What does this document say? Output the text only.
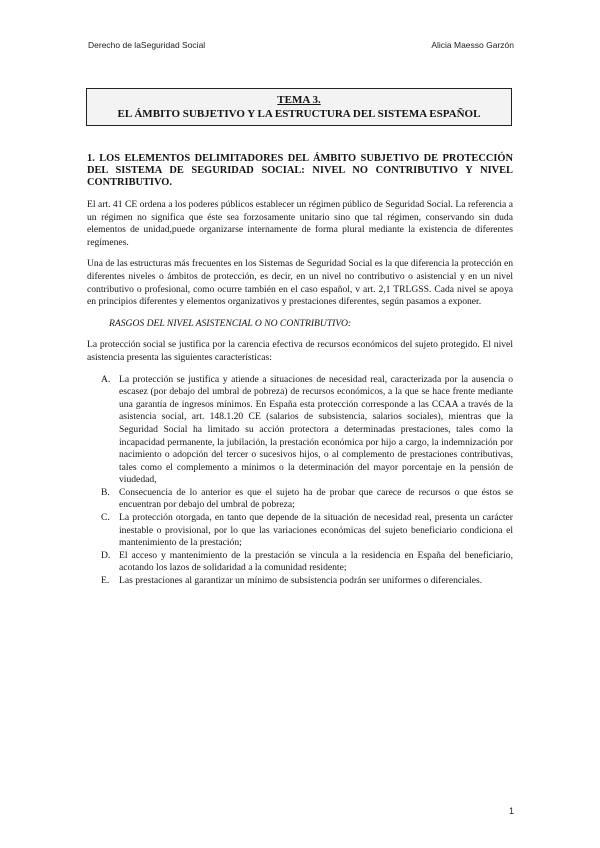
Derecho de laSeguridad Social	Alicia Maesso Garzón
TEMA 3.
EL ÁMBITO SUBJETIVO Y LA ESTRUCTURA DEL SISTEMA ESPAÑOL
1. LOS ELEMENTOS DELIMITADORES DEL ÁMBITO SUBJETIVO DE PROTECCIÓN DEL SISTEMA DE SEGURIDAD SOCIAL: NIVEL NO CONTRIBUTIVO Y NIVEL CONTRIBUTIVO.

El art. 41 CE ordena a los poderes públicos establecer un régimen público de Seguridad Social. La referencia a un régimen no significa que éste sea forzosamente unitario sino que tal régimen, conservando sin duda elementos de unidad,puede organizarse internamente de forma plural mediante la existencia de diferentes regímenes.

Una de las estructuras más frecuentes en los Sistemas de Seguridad Social es la que diferencia la protección en diferentes niveles o ámbitos de protección, es decir, en un nivel no contributivo o asistencial y en un nivel contributivo o profesional, como ocurre también en el caso español, v art. 2,1 TRLGSS. Cada nivel se apoya en principios diferentes y elementos organizativos y prestaciones diferentes, según pasamos a exponer.

RASGOS DEL NIVEL ASISTENCIAL O NO CONTRIBUTIVO:

La protección social se justifica por la carencia efectiva de recursos económicos del sujeto protegido. El nivel asistencia presenta las siguientes características:

A. La protección se justifica y atiende a situaciones de necesidad real, caracterizada por la ausencia o escasez (por debajo del umbral de pobreza) de recursos económicos, a la que se hace frente mediante una garantía de ingresos mínimos. En España esta protección corresponde a las CCAA a través de la asistencia social, art. 148.1.20 CE (salarios de subsistencia, salarios sociales), mientras que la Seguridad Social ha limitado su acción protectora a determinadas prestaciones, tales como la incapacidad permanente, la jubilación, la prestación económica por hijo a cargo, la indemnización por nacimiento o adopción del tercer o sucesivos hijos, o al complemento de prestaciones contributivas, tales como el complemento a mínimos o la determinación del mayor porcentaje en la pensión de viudedad,
B. Consecuencia de lo anterior es que el sujeto ha de probar que carece de recursos o que éstos se encuentran por debajo del umbral de pobreza;
C. La protección otorgada, en tanto que depende de la situación de necesidad real, presenta un carácter inestable o provisional, por lo que las variaciones económicas del sujeto beneficiario condiciona el mantenimiento de la prestación;
D. El acceso y mantenimiento de la prestación se vincula a la residencia en España del beneficiario, acotando los lazos de solidaridad a la comunidad residente;
E. Las prestaciones al garantizar un mínimo de subsistencia podrán ser uniformes o diferenciales.
1
